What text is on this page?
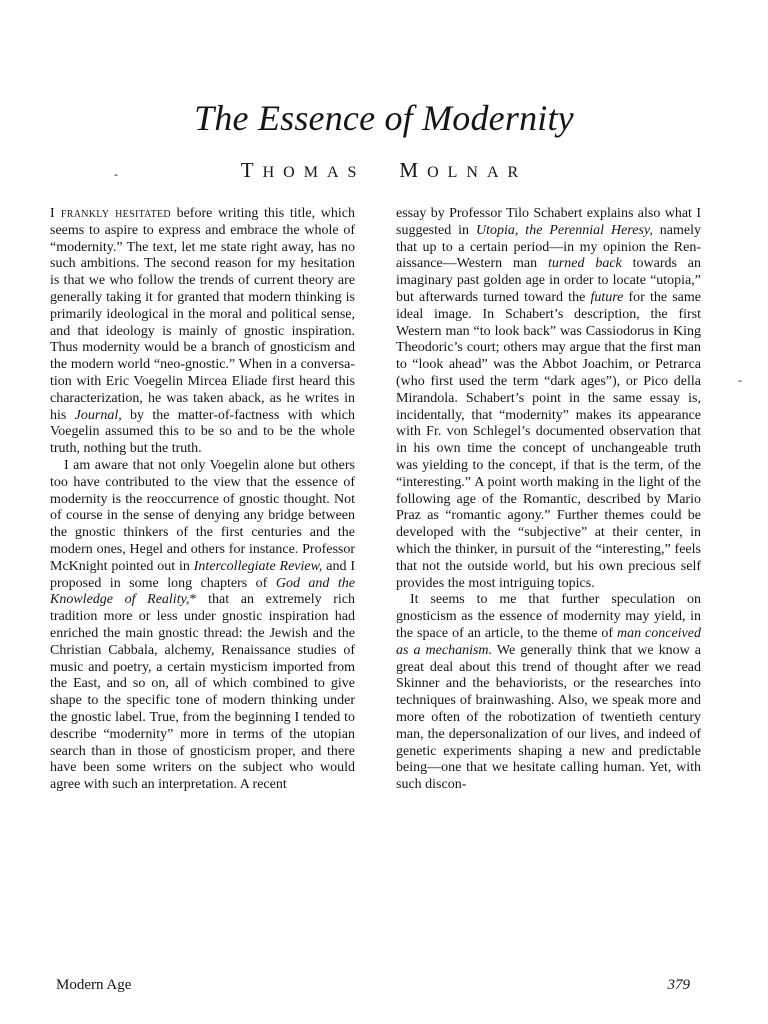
The Essence of Modernity
THOMAS MOLNAR
-
-

I frankly hesitated before writing this title, which seems to aspire to express and embrace the whole of “modernity.” The text, let me state right away, has no such ambitions. The second reason for my hesitation is that we who follow the trends of current theory are generally taking it for granted that modern thinking is primarily ideological in the moral and political sense, and that ideology is mainly of gnostic inspiration. Thus modernity would be a branch of gnosticism and the modern world “neo-gnostic.” When in a conversation with Eric Voegelin Mircea Eliade first heard this characterization, he was taken aback, as he writes in his Journal, by the matter-of-factness with which Voegelin assumed this to be so and to be the whole truth, nothing but the truth.

I am aware that not only Voegelin alone but others too have contributed to the view that the essence of modernity is the reoccurrence of gnostic thought. Not of course in the sense of denying any bridge between the gnostic thinkers of the first centuries and the modern ones, Hegel and others for instance. Professor McKnight pointed out in Intercollegiate Review, and I proposed in some long chapters of God and the Knowledge of Reality,* that an extremely rich tradition more or less under gnostic inspiration had enriched the main gnostic thread: the Jewish and the Christian Cabbala, alchemy, Renaissance studies of music and poetry, a certain mysticism imported from the East, and so on, all of which combined to give shape to the specific tone of modern thinking under the gnostic label. True, from the beginning I tended to describe “modernity” more in terms of the utopian search than in those of gnosticism proper, and there have been some writers on the subject who would agree with such an interpretation. A recent

essay by Professor Tilo Schabert explains also what I suggested in Utopia, the Perennial Heresy, namely that up to a certain period—in my opinion the Renaissance—Western man turned back towards an imaginary past golden age in order to locate “utopia,” but afterwards turned toward the future for the same ideal image. In Schabert’s description, the first Western man “to look back” was Cassiodorus in King Theodoric’s court; others may argue that the first man to “look ahead” was the Abbot Joachim, or Petrarca (who first used the term “dark ages”), or Pico della Mirandola. Schabert’s point in the same essay is, incidentally, that “modernity” makes its appearance with Fr. von Schlegel’s documented observation that in his own time the concept of unchangeable truth was yielding to the concept, if that is the term, of the “interesting.” A point worth making in the light of the following age of the Romantic, described by Mario Praz as “romantic agony.” Further themes could be developed with the “subjective” at their center, in which the thinker, in pursuit of the “interesting,” feels that not the outside world, but his own precious self provides the most intriguing topics.

It seems to me that further speculation on gnosticism as the essence of modernity may yield, in the space of an article, to the theme of man conceived as a mechanism. We generally think that we know a great deal about this trend of thought after we read Skinner and the behaviorists, or the researches into techniques of brainwashing. Also, we speak more and more often of the robotization of twentieth century man, the depersonalization of our lives, and indeed of genetic experiments shaping a new and predictable being—one that we hesitate calling human. Yet, with such discon-

Modern Age	379
